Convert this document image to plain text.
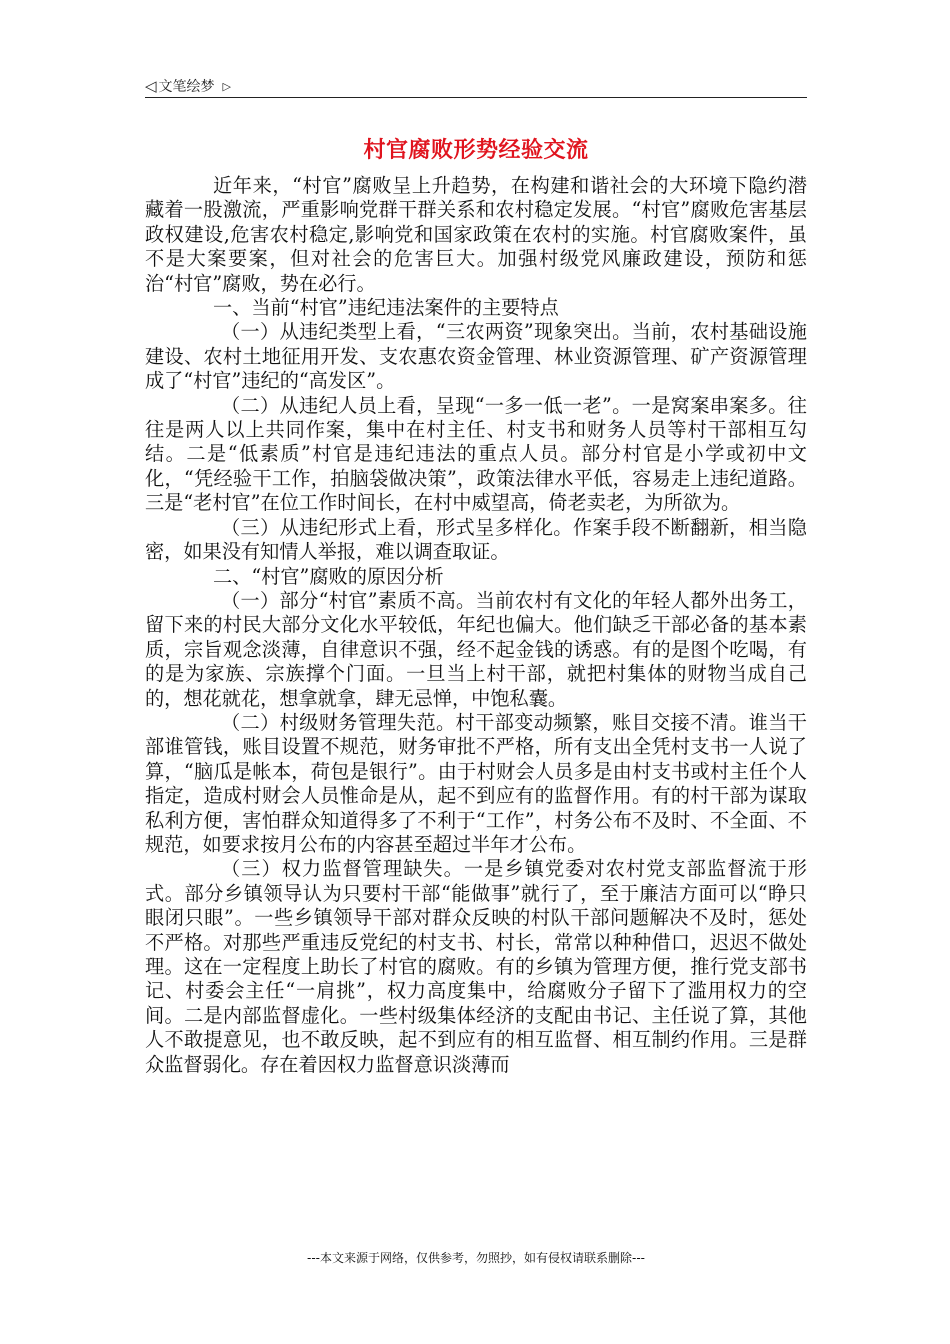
◁ 文笔绘梦 ▷
村官腐败形势经验交流

近年来，“村官”腐败呈上升趋势，在构建和谐社会的大环境下隐约潜藏着一股激流，严重影响党群干群关系和农村稳定发展。“村官”腐败危害基层政权建设,危害农村稳定,影响党和国家政策在农村的实施。村官腐败案件，虽不是大案要案，但对社会的危害巨大。加强村级党风廉政建设，预防和惩治“村官”腐败，势在必行。

一、当前“村官”违纪违法案件的主要特点

（一）从违纪类型上看，“三农两资”现象突出。当前，农村基础设施建设、农村土地征用开发、支农惠农资金管理、林业资源管理、矿产资源管理成了“村官”违纪的“高发区”。

（二）从违纪人员上看，呈现“一多一低一老”。一是窝案串案多。往往是两人以上共同作案，集中在村主任、村支书和财务人员等村干部相互勾结。二是“低素质”村官是违纪违法的重点人员。部分村官是小学或初中文化，“凭经验干工作，拍脑袋做决策”，政策法律水平低，容易走上违纪道路。三是“老村官”在位工作时间长，在村中威望高，倚老卖老，为所欲为。

（三）从违纪形式上看，形式呈多样化。作案手段不断翻新，相当隐密，如果没有知情人举报，难以调查取证。

二、“村官”腐败的原因分析

（一）部分“村官”素质不高。当前农村有文化的年轻人都外出务工，留下来的村民大部分文化水平较低，年纪也偏大。他们缺乏干部必备的基本素质，宗旨观念淡薄，自律意识不强，经不起金钱的诱惑。有的是图个吃喝，有的是为家族、宗族撑个门面。一旦当上村干部，就把村集体的财物当成自己的，想花就花，想拿就拿，肆无忌惮，中饱私囊。

（二）村级财务管理失范。村干部变动频繁，账目交接不清。谁当干部谁管钱，账目设置不规范，财务审批不严格，所有支出全凭村支书一人说了算，“脑瓜是帐本，荷包是银行”。由于村财会人员多是由村支书或村主任个人指定，造成村财会人员惟命是从，起不到应有的监督作用。有的村干部为谋取私利方便，害怕群众知道得多了不利于“工作”，村务公布不及时、不全面、不规范，如要求按月公布的内容甚至超过半年才公布。

（三）权力监督管理缺失。一是乡镇党委对农村党支部监督流于形式。部分乡镇领导认为只要村干部“能做事”就行了，至于廉洁方面可以“睁只眼闭只眼”。一些乡镇领导干部对群众反映的村队干部问题解决不及时，惩处不严格。对那些严重违反党纪的村支书、村长，常常以种种借口，迟迟不做处理。这在一定程度上助长了村官的腐败。有的乡镇为管理方便，推行党支部书记、村委会主任“一肩挑”，权力高度集中，给腐败分子留下了滥用权力的空间。二是内部监督虚化。一些村级集体经济的支配由书记、主任说了算，其他人不敢提意见，也不敢反映，起不到应有的相互监督、相互制约作用。三是群众监督弱化。存在着因权力监督意识淡薄而

---本文来源于网络，仅供参考，勿照抄，如有侵权请联系删除---
